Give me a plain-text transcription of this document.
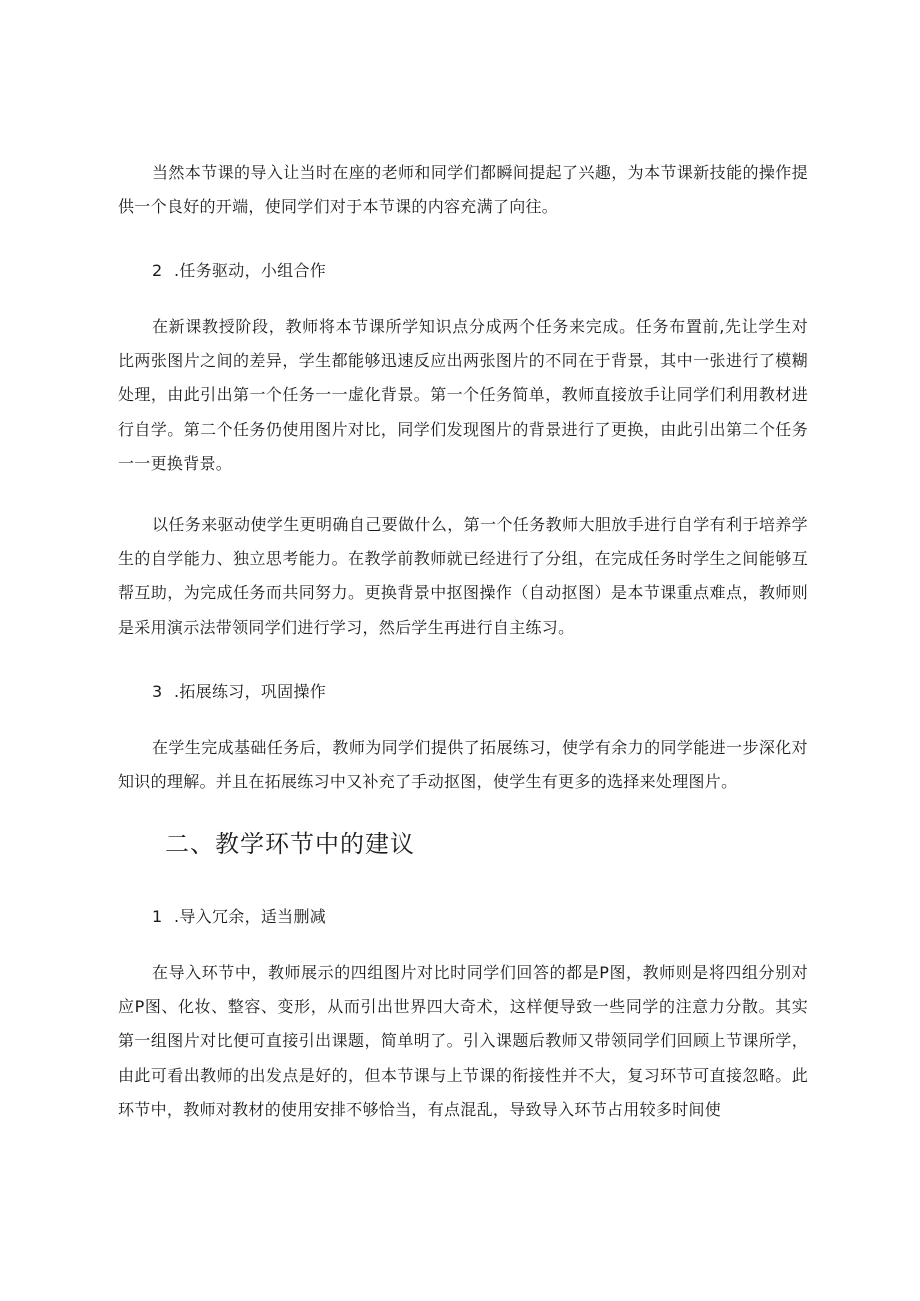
当然本节课的导入让当时在座的老师和同学们都瞬间提起了兴趣，为本节课新技能的操作提供一个良好的开端，使同学们对于本节课的内容充满了向往。

2 .任务驱动，小组合作

在新课教授阶段，教师将本节课所学知识点分成两个任务来完成。任务布置前,先让学生对比两张图片之间的差异，学生都能够迅速反应出两张图片的不同在于背景，其中一张进行了模糊处理，由此引出第一个任务一一虚化背景。第一个任务简单，教师直接放手让同学们利用教材进行自学。第二个任务仍使用图片对比，同学们发现图片的背景进行了更换，由此引出第二个任务一一更换背景。

以任务来驱动使学生更明确自己要做什么，第一个任务教师大胆放手进行自学有利于培养学生的自学能力、独立思考能力。在教学前教师就已经进行了分组，在完成任务时学生之间能够互帮互助，为完成任务而共同努力。更换背景中抠图操作（自动抠图）是本节课重点难点，教师则是采用演示法带领同学们进行学习，然后学生再进行自主练习。

3 .拓展练习，巩固操作

在学生完成基础任务后，教师为同学们提供了拓展练习，使学有余力的同学能进一步深化对知识的理解。并且在拓展练习中又补充了手动抠图，使学生有更多的选择来处理图片。

二、教学环节中的建议

1 .导入冗余，适当删减

在导入环节中，教师展示的四组图片对比时同学们回答的都是P图，教师则是将四组分别对应P图、化妆、整容、变形，从而引出世界四大奇术，这样便导致一些同学的注意力分散。其实第一组图片对比便可直接引出课题，简单明了。引入课题后教师又带领同学们回顾上节课所学，由此可看出教师的出发点是好的，但本节课与上节课的衔接性并不大，复习环节可直接忽略。此环节中，教师对教材的使用安排不够恰当，有点混乱，导致导入环节占用较多时间使
